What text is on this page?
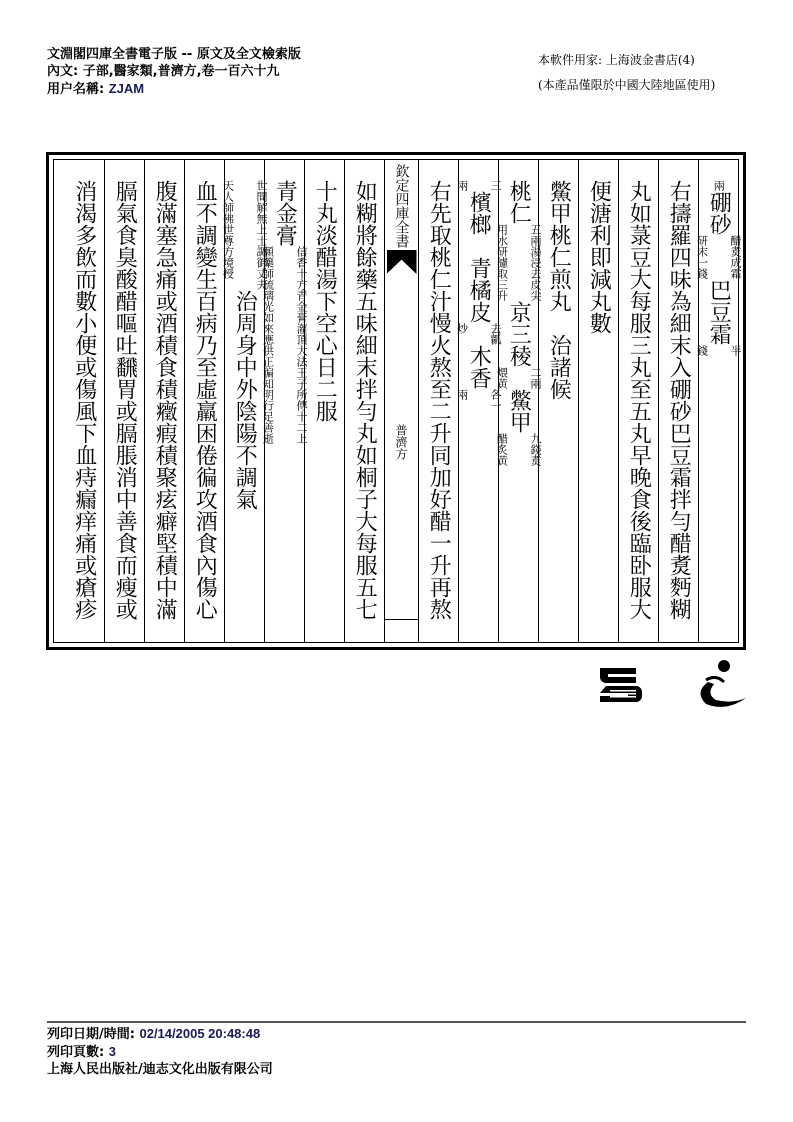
文淵閣四庫全書電子版 -- 原文及全文檢索版
內文: 子部,醫家類,普濟方,卷一百六十九
用户名稱: ZJAM
本軟件用家: 上海波金書店(4)
(本產品僅限於中國大陸地區使用)
兩
硼砂
醋煑成霜
研末一錢
巴豆霜
半
錢
右擣羅四味為細末入硼砂巴豆霜拌勻醋煑麪糊
丸如菉豆大每服三丸至五丸早晚食後臨卧服大
便溏利即減丸數
鱉甲桃仁煎丸　治諸候
桃仁
五兩湯浸去皮尖
用水研濾取三升
京三稜
二兩
煨黄
鱉甲
九錢煑
醋炙黄
三
兩
檳榔　青橘皮
去瓤
炒
木香
各一
兩
右先取桃仁汁慢火熬至二升同加好醋一升再熬
欽定四庫全書
普濟方
如糊將餘藥五味細末拌勻丸如桐子大每服五七
十丸淡醋湯下空心日二服
青金膏
信香十方青金膏灌頂大法王子所傳十二上
願藥師琉璃光如來應供正徧知明行足善逝
世間解無上士調御丈夫
天人師佛世尊方境授
治周身中外陰陽不調氣
血不調變生百病乃至虛羸困倦徧攻酒食內傷心
腹滿塞急痛或酒積食積癥瘕積聚痃癖堅積中滿
膈氣食臭酸醋嘔吐飜胃或膈脹消中善食而瘦或
消渴多飲而數小便或傷風下血痔瘺痒痛或瘡疹
列印日期/時間: 02/14/2005 20:48:48
列印頁數: 3
上海人民出版社/迪志文化出版有限公司
